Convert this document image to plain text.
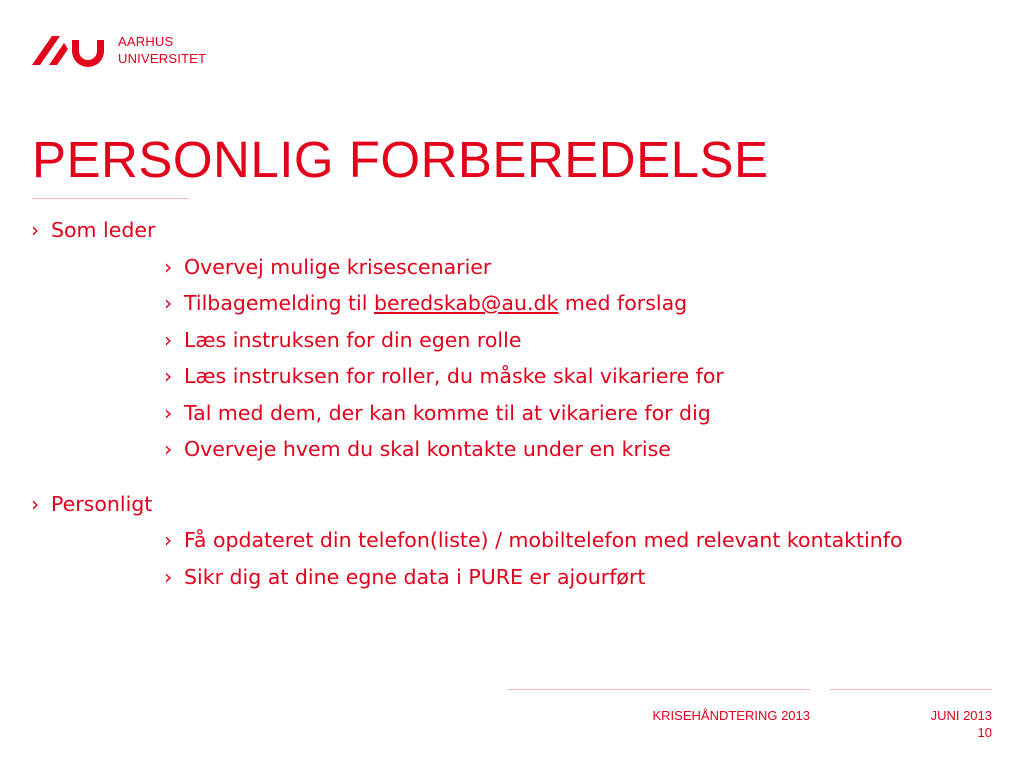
AARHUS
UNIVERSITET
PERSONLIG FORBEREDELSE
› Som leder
› Overvej mulige krisescenarier
› Tilbagemelding til beredskab@au.dk med forslag
› Læs instruksen for din egen rolle
› Læs instruksen for roller, du måske skal vikariere for
› Tal med dem, der kan komme til at vikariere for dig
› Overveje hvem du skal kontakte under en krise
› Personligt
› Få opdateret din telefon(liste) / mobiltelefon med relevant kontaktinfo
› Sikr dig at dine egne data i PURE er ajourført
KRISEHÅNDTERING 2013	JUNI 2013
10
